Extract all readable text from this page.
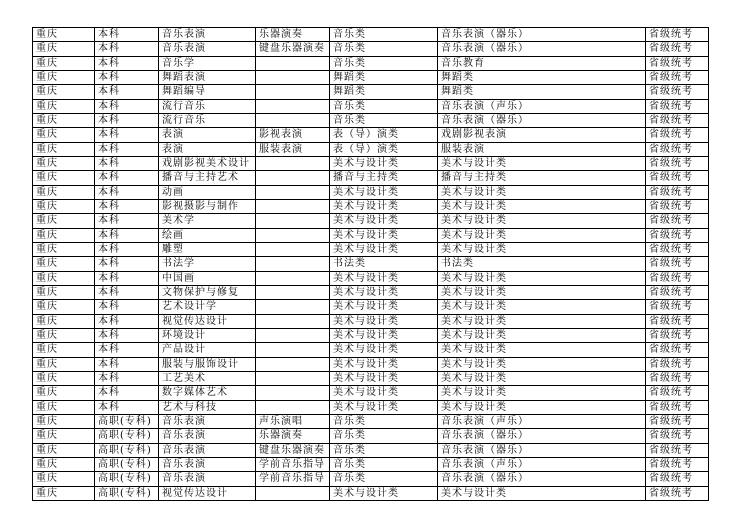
重庆	本科	音乐表演	乐器演奏	音乐类	音乐表演（器乐）	省级统考
重庆	本科	音乐表演	键盘乐器演奏	音乐类	音乐表演（器乐）	省级统考
重庆	本科	音乐学		音乐类	音乐教育	省级统考
重庆	本科	舞蹈表演		舞蹈类	舞蹈类	省级统考
重庆	本科	舞蹈编导		舞蹈类	舞蹈类	省级统考
重庆	本科	流行音乐		音乐类	音乐表演（声乐）	省级统考
重庆	本科	流行音乐		音乐类	音乐表演（器乐）	省级统考
重庆	本科	表演	影视表演	表（导）演类	戏剧影视表演	省级统考
重庆	本科	表演	服装表演	表（导）演类	服装表演	省级统考
重庆	本科	戏剧影视美术设计		美术与设计类	美术与设计类	省级统考
重庆	本科	播音与主持艺术		播音与主持类	播音与主持类	省级统考
重庆	本科	动画		美术与设计类	美术与设计类	省级统考
重庆	本科	影视摄影与制作		美术与设计类	美术与设计类	省级统考
重庆	本科	美术学		美术与设计类	美术与设计类	省级统考
重庆	本科	绘画		美术与设计类	美术与设计类	省级统考
重庆	本科	雕塑		美术与设计类	美术与设计类	省级统考
重庆	本科	书法学		书法类	书法类	省级统考
重庆	本科	中国画		美术与设计类	美术与设计类	省级统考
重庆	本科	文物保护与修复		美术与设计类	美术与设计类	省级统考
重庆	本科	艺术设计学		美术与设计类	美术与设计类	省级统考
重庆	本科	视觉传达设计		美术与设计类	美术与设计类	省级统考
重庆	本科	环境设计		美术与设计类	美术与设计类	省级统考
重庆	本科	产品设计		美术与设计类	美术与设计类	省级统考
重庆	本科	服装与服饰设计		美术与设计类	美术与设计类	省级统考
重庆	本科	工艺美术		美术与设计类	美术与设计类	省级统考
重庆	本科	数字媒体艺术		美术与设计类	美术与设计类	省级统考
重庆	本科	艺术与科技		美术与设计类	美术与设计类	省级统考
重庆	高职(专科)	音乐表演	声乐演唱	音乐类	音乐表演（声乐）	省级统考
重庆	高职(专科)	音乐表演	乐器演奏	音乐类	音乐表演（器乐）	省级统考
重庆	高职(专科)	音乐表演	键盘乐器演奏	音乐类	音乐表演（器乐）	省级统考
重庆	高职(专科)	音乐表演	学前音乐指导	音乐类	音乐表演（声乐）	省级统考
重庆	高职(专科)	音乐表演	学前音乐指导	音乐类	音乐表演（器乐）	省级统考
重庆	高职(专科)	视觉传达设计		美术与设计类	美术与设计类	省级统考
